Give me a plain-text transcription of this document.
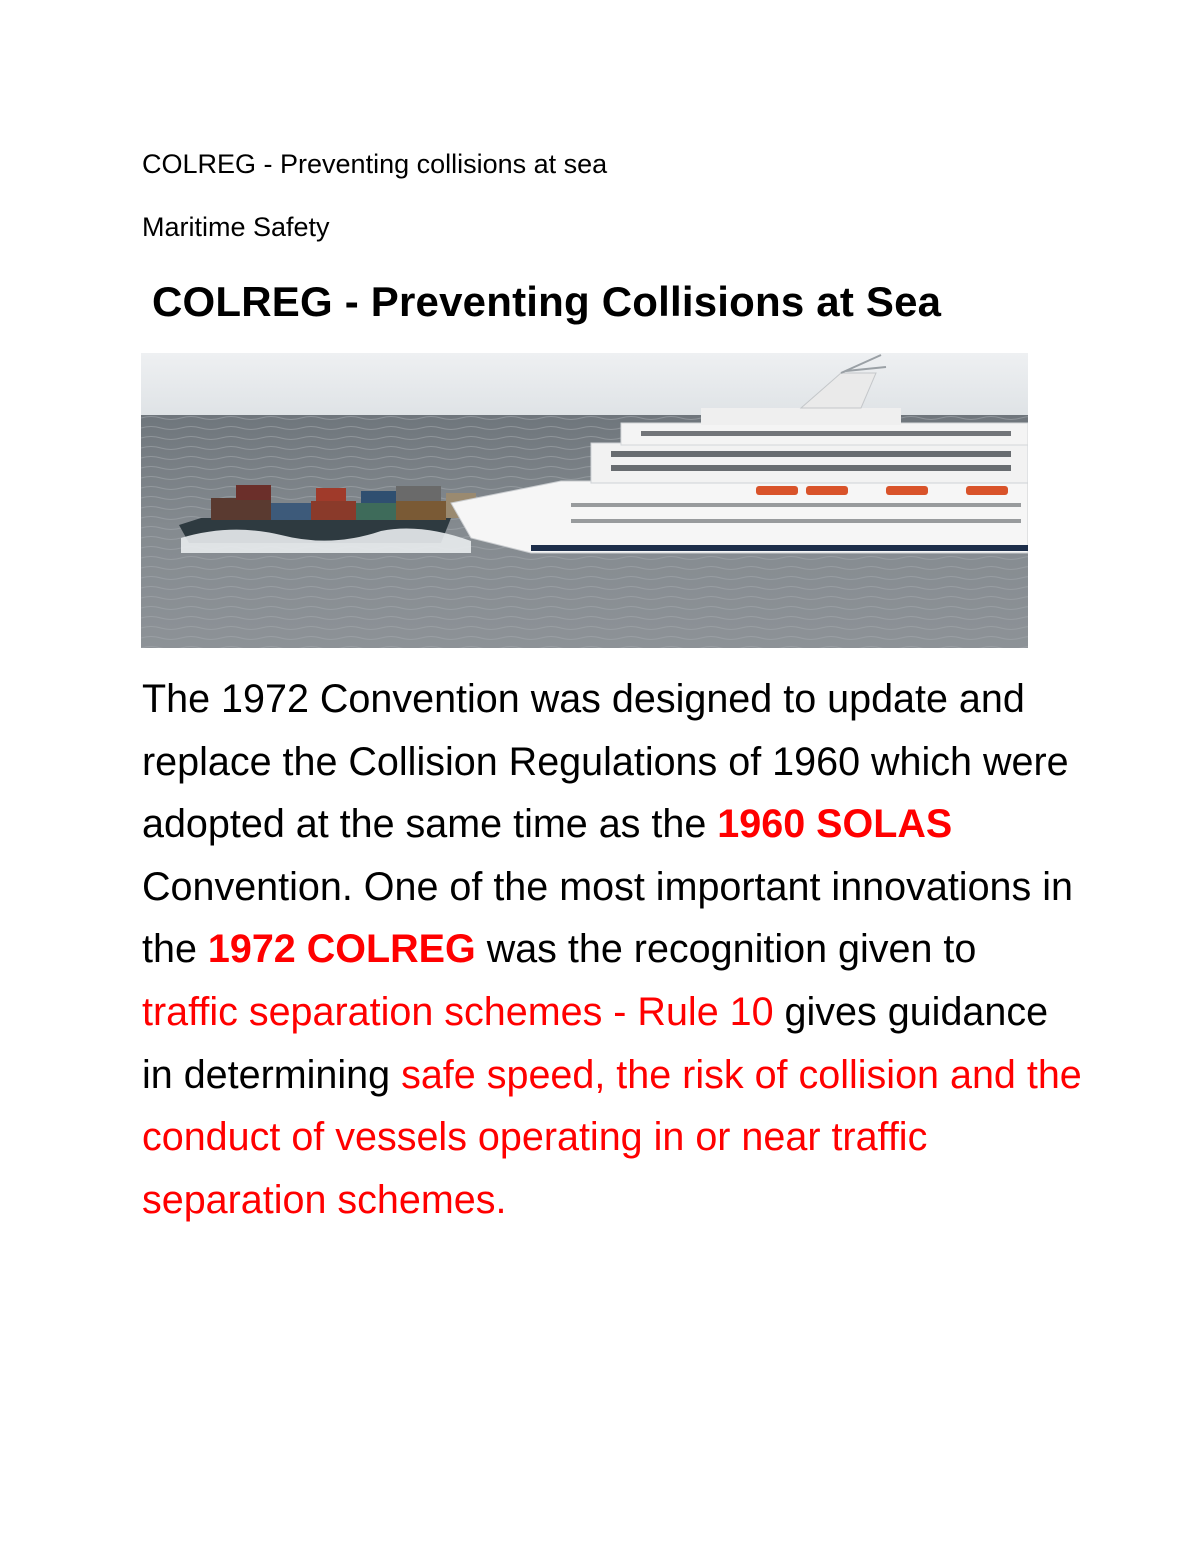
COLREG - Preventing collisions at sea
Maritime Safety
COLREG - Preventing Collisions at Sea

The 1972 Convention was designed to update and replace the Collision Regulations of 1960 which were adopted at the same time as the 1960 SOLAS Convention. One of the most important innovations in the 1972 COLREG was the recognition given to traffic separation schemes - Rule 10 gives guidance in determining safe speed, the risk of collision and the conduct of vessels operating in or near traffic separation schemes.
